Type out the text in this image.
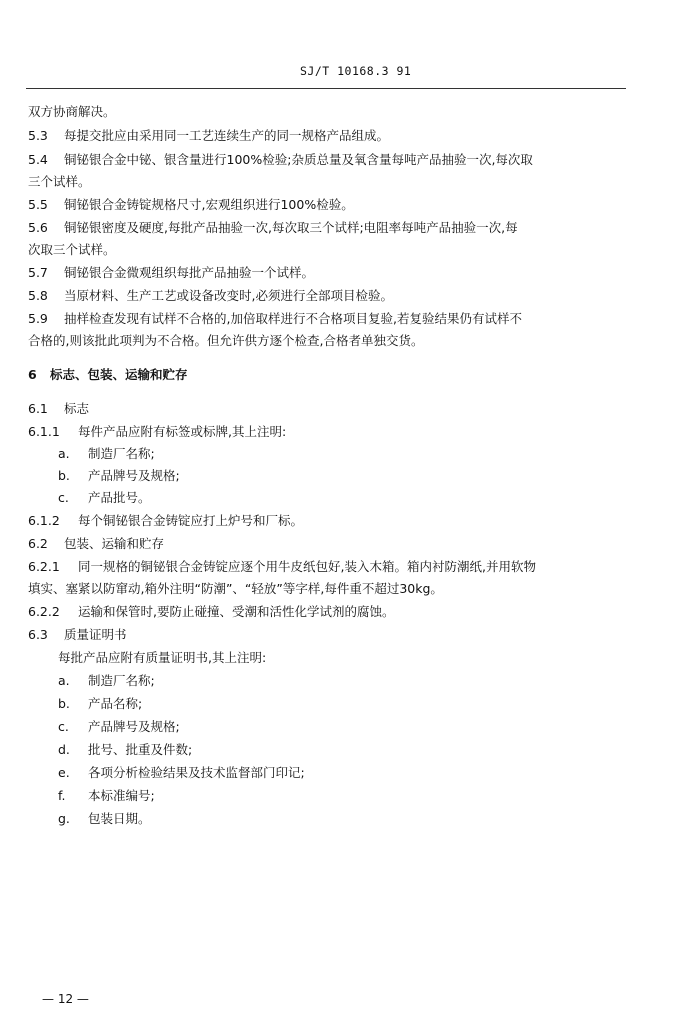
SJ/T 10168.3 91
双方协商解决。
5.3 每提交批应由采用同一工艺连续生产的同一规格产品组成。
5.4 铜铋银合金中铋、银含量进行100%检验;杂质总量及氧含量每吨产品抽验一次,每次取
三个试样。
5.5 铜铋银合金铸锭规格尺寸,宏观组织进行100%检验。
5.6 铜铋银密度及硬度,每批产品抽验一次,每次取三个试样;电阻率每吨产品抽验一次,每
次取三个试样。
5.7 铜铋银合金微观组织每批产品抽验一个试样。
5.8 当原材料、生产工艺或设备改变时,必须进行全部项目检验。
5.9 抽样检查发现有试样不合格的,加倍取样进行不合格项目复验,若复验结果仍有试样不
合格的,则该批此项判为不合格。但允许供方逐个检查,合格者单独交货。
6 标志、包装、运输和贮存
6.1 标志
6.1.1 每件产品应附有标签或标牌,其上注明:
a. 制造厂名称;
b. 产品牌号及规格;
c. 产品批号。
6.1.2 每个铜铋银合金铸锭应打上炉号和厂标。
6.2 包装、运输和贮存
6.2.1 同一规格的铜铋银合金铸锭应逐个用牛皮纸包好,装入木箱。箱内衬防潮纸,并用软物
填实、塞紧以防窜动,箱外注明“防潮”、“轻放”等字样,每件重不超过30kg。
6.2.2 运输和保管时,要防止碰撞、受潮和活性化学试剂的腐蚀。
6.3 质量证明书
每批产品应附有质量证明书,其上注明:
a. 制造厂名称;
b. 产品名称;
c. 产品牌号及规格;
d. 批号、批重及件数;
e. 各项分析检验结果及技术监督部门印记;
f. 本标准编号;
g. 包装日期。
— 12 —
